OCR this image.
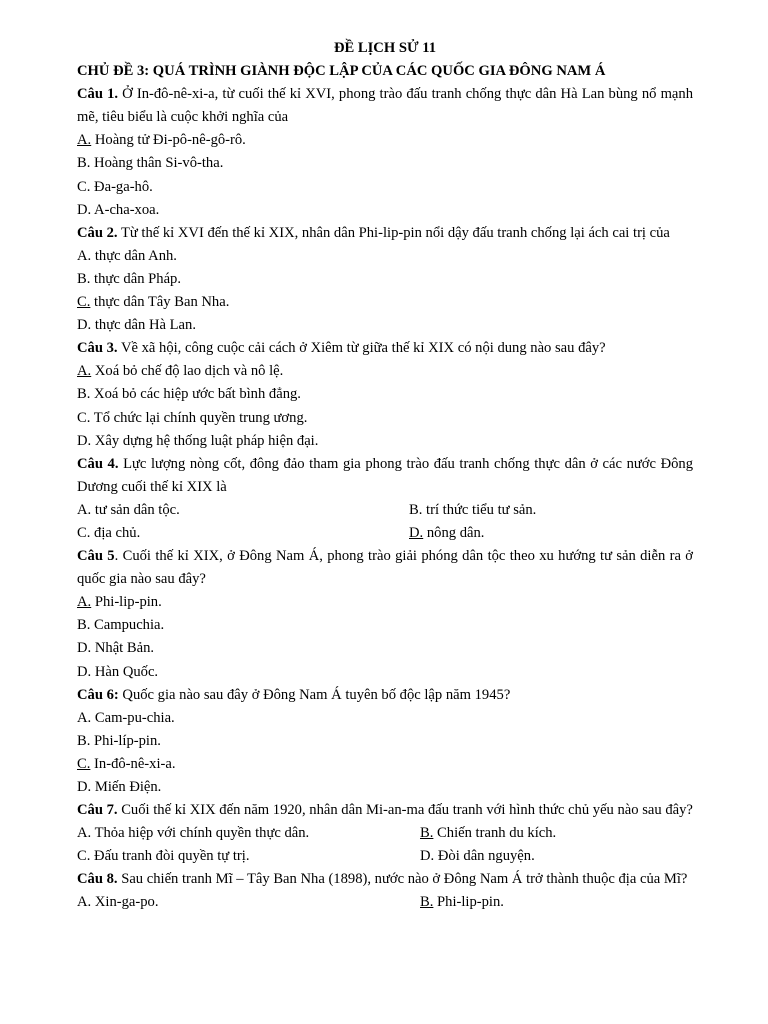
ĐỀ LỊCH SỬ 11
CHỦ ĐỀ 3: QUÁ TRÌNH GIÀNH ĐỘC LẬP CỦA CÁC QUỐC GIA ĐÔNG NAM Á
Câu 1. Ở In-đô-nê-xi-a, từ cuối thế kỉ XVI, phong trào đấu tranh chống thực dân Hà Lan bùng nổ mạnh mẽ, tiêu biểu là cuộc khởi nghĩa của
A. Hoàng tử Đi-pô-nê-gô-rô.
B. Hoàng thân Si-vô-tha.
C. Đa-ga-hô.
D. A-cha-xoa.
Câu 2. Từ thế kỉ XVI đến thế kỉ XIX, nhân dân Phi-lip-pin nổi dậy đấu tranh chống lại ách cai trị của
A. thực dân Anh.
B. thực dân Pháp.
C. thực dân Tây Ban Nha.
D. thực dân Hà Lan.
Câu 3. Về xã hội, công cuộc cải cách ở Xiêm từ giữa thế kỉ XIX có nội dung nào sau đây?
A. Xoá bỏ chế độ lao dịch và nô lệ.
B. Xoá bỏ các hiệp ước bất bình đẳng.
C. Tổ chức lại chính quyền trung ương.
D. Xây dựng hệ thống luật pháp hiện đại.
Câu 4. Lực lượng nòng cốt, đông đảo tham gia phong trào đấu tranh chống thực dân ở các nước Đông Dương cuối thế kỉ XIX là
A. tư sản dân tộc.	B. trí thức tiểu tư sản.
C. địa chủ.	D. nông dân.
Câu 5. Cuối thế kỉ XIX, ở Đông Nam Á, phong trào giải phóng dân tộc theo xu hướng tư sản diễn ra ở quốc gia nào sau đây?
A. Phi-lip-pin.
B. Campuchia.
D. Nhật Bản.
D. Hàn Quốc.
Câu 6: Quốc gia nào sau đây ở Đông Nam Á tuyên bố độc lập năm 1945?
A. Cam-pu-chia.
B. Phi-líp-pin.
C. In-đô-nê-xi-a.
D. Miến Điện.
Câu 7. Cuối thế kỉ XIX đến năm 1920, nhân dân Mi-an-ma đấu tranh với hình thức chủ yếu nào sau đây?
A. Thỏa hiệp với chính quyền thực dân.	B. Chiến tranh du kích.
C. Đấu tranh đòi quyền tự trị.	D. Đòi dân nguyện.
Câu 8. Sau chiến tranh Mĩ – Tây Ban Nha (1898), nước nào ở Đông Nam Á trở thành thuộc địa của Mĩ?
A. Xin-ga-po.	B. Phi-lip-pin.
